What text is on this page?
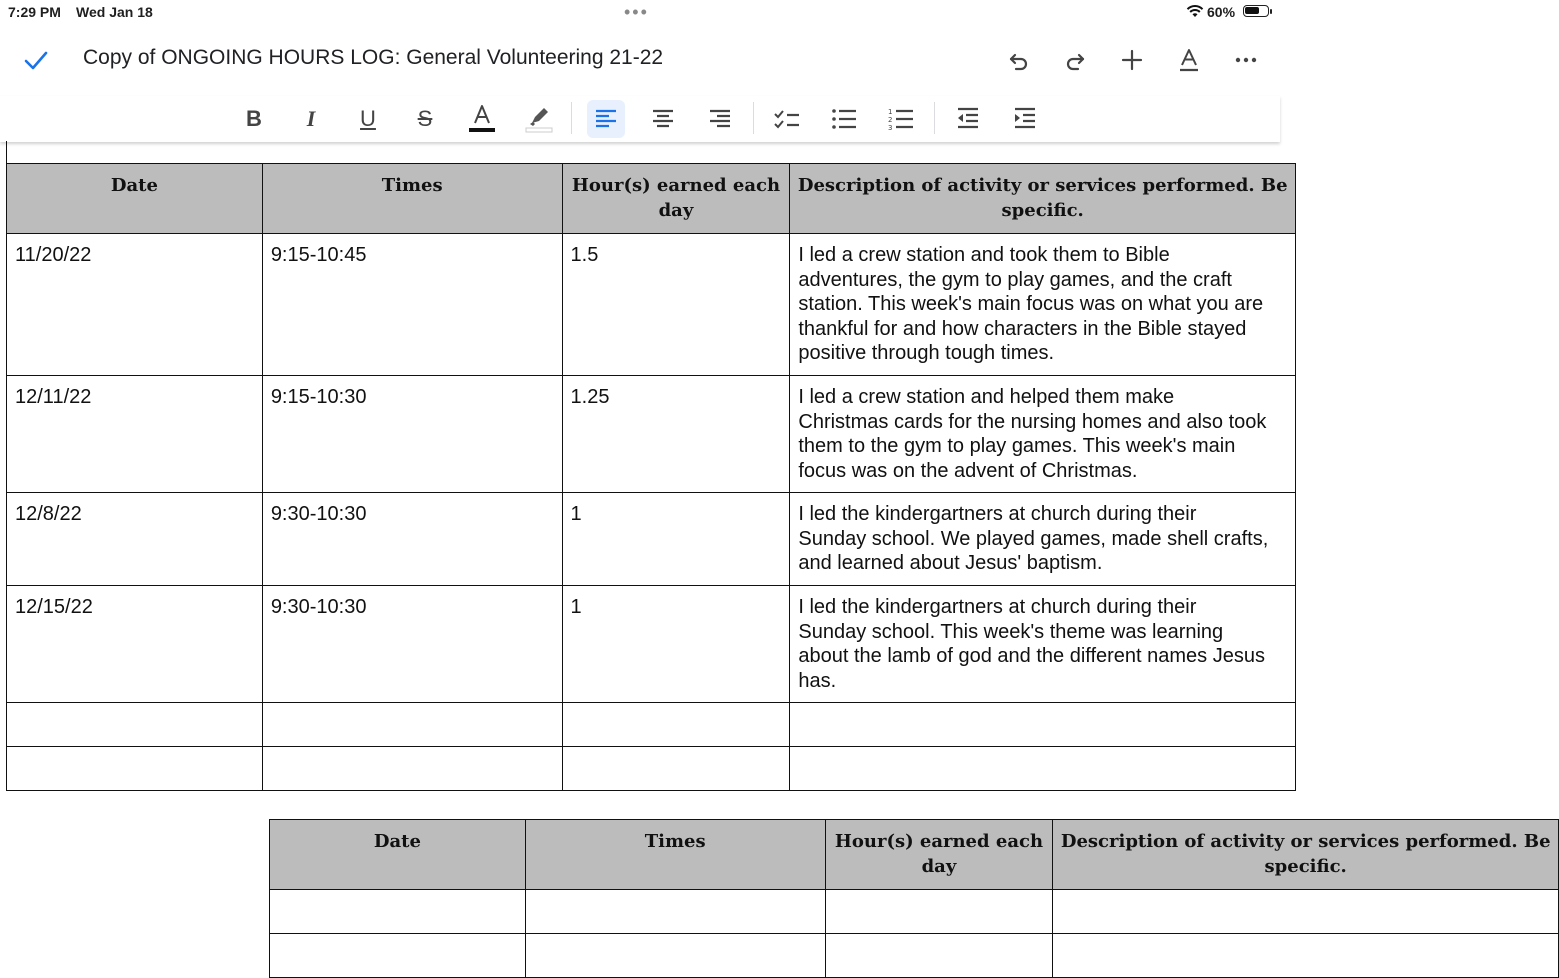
7:29 PM Wed Jan 18	•••	60%
Copy of ONGOING HOURS LOG: General Volunteering 21-22
B I U S	1
2
3
Date	Times	Hour(s) earned each day	Description of activity or services performed. Be specific.
11/20/22	9:15-10:45	1.5	I led a crew station and took them to Bible adventures, the gym to play games, and the craft station. This week's main focus was on what you are thankful for and how characters in the Bible stayed positive through tough times.
12/11/22	9:15-10:30	1.25	I led a crew station and helped them make Christmas cards for the nursing homes and also took them to the gym to play games. This week's main focus was on the advent of Christmas.
12/8/22	9:30-10:30	1	I led the kindergartners at church during their Sunday school. We played games, made shell crafts, and learned about Jesus' baptism.
12/15/22	9:30-10:30	1	I led the kindergartners at church during their Sunday school. This week's theme was learning about the lamb of god and the different names Jesus has.

Date	Times	Hour(s) earned each day	Description of activity or services performed. Be specific.
